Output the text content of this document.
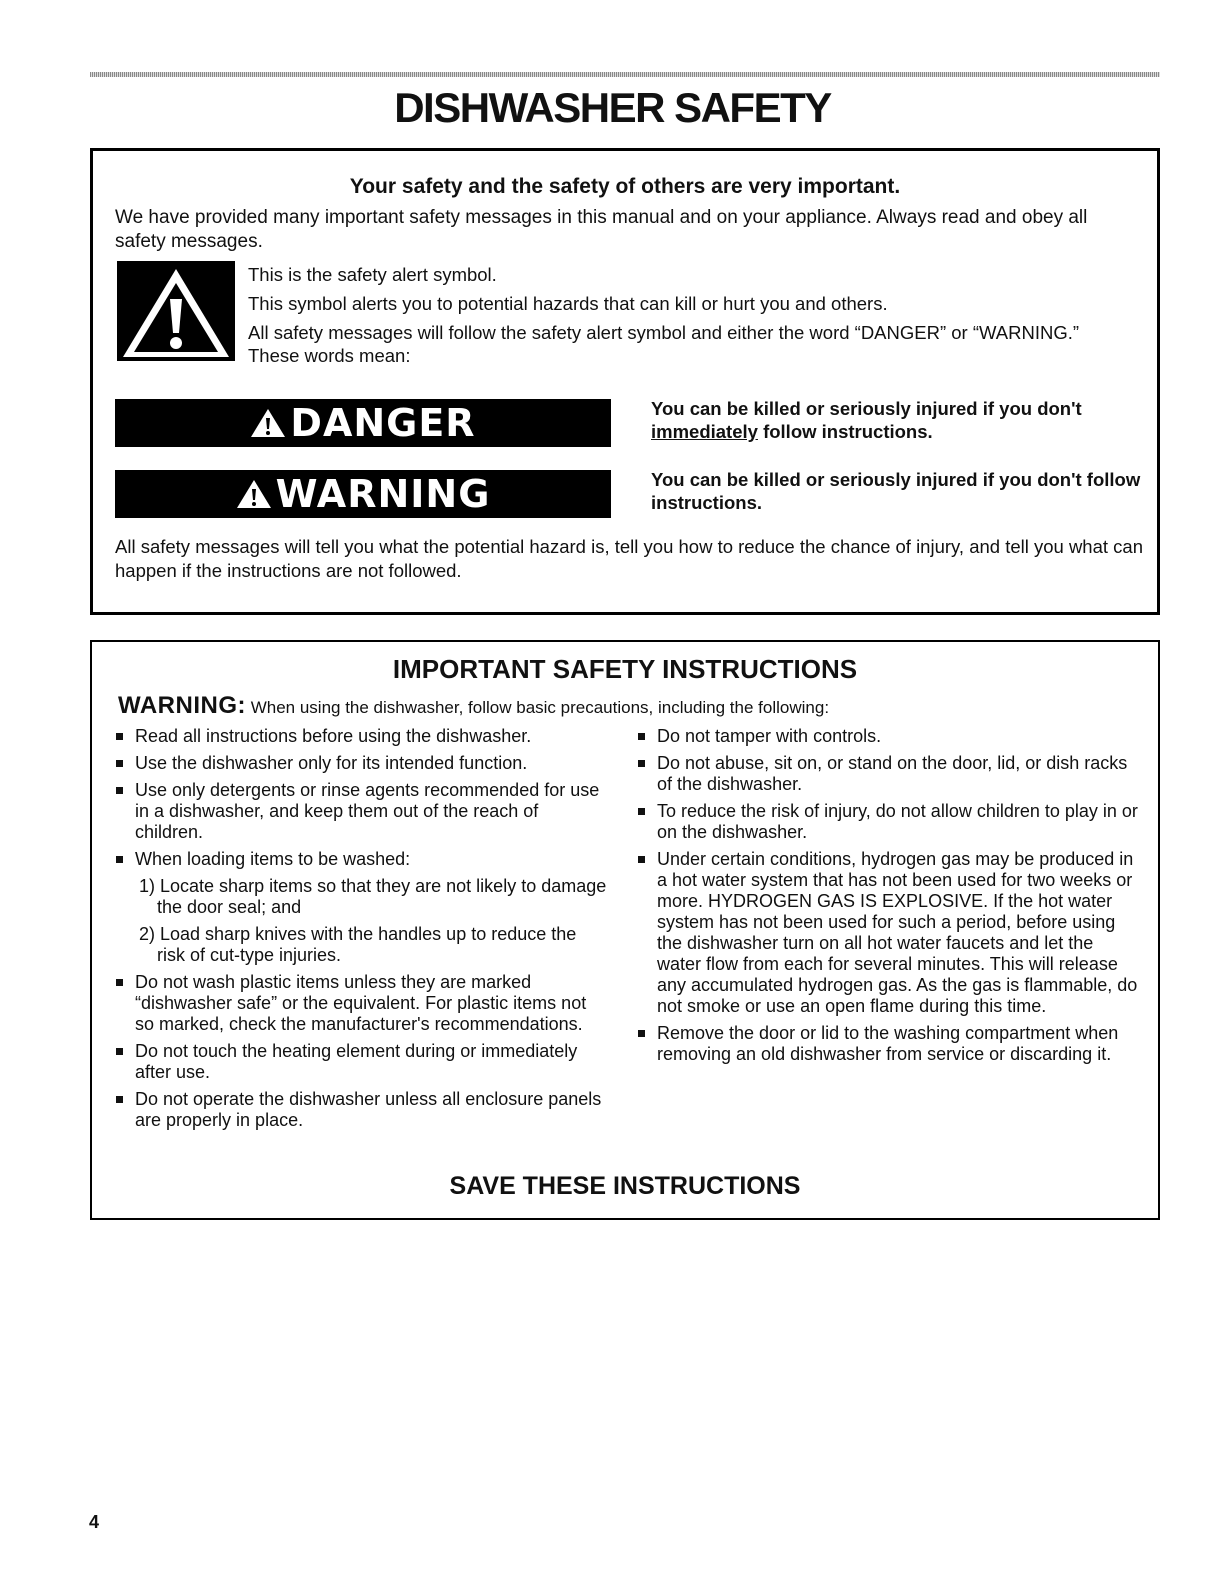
DISHWASHER SAFETY
Your safety and the safety of others are very important.

We have provided many important safety messages in this manual and on your appliance. Always read and obey all safety messages.

This is the safety alert symbol.

This symbol alerts you to potential hazards that can kill or hurt you and others.

All safety messages will follow the safety alert symbol and either the word “DANGER” or “WARNING.” These words mean:

DANGER	You can be killed or seriously injured if you don't immediately follow instructions.
WARNING	You can be killed or seriously injured if you don't follow instructions.

All safety messages will tell you what the potential hazard is, tell you how to reduce the chance of injury, and tell you what can happen if the instructions are not followed.

IMPORTANT SAFETY INSTRUCTIONS
WARNING: When using the dishwasher, follow basic precautions, including the following:
Read all instructions before using the dishwasher.
Use the dishwasher only for its intended function.
Use only detergents or rinse agents recommended for use in a dishwasher, and keep them out of the reach of children.
When loading items to be washed:
1) Locate sharp items so that they are not likely to damage the door seal; and
2) Load sharp knives with the handles up to reduce the risk of cut-type injuries.
Do not wash plastic items unless they are marked “dishwasher safe” or the equivalent. For plastic items not so marked, check the manufacturer's recommendations.
Do not touch the heating element during or immediately after use.
Do not operate the dishwasher unless all enclosure panels are properly in place.
Do not tamper with controls.
Do not abuse, sit on, or stand on the door, lid, or dish racks of the dishwasher.
To reduce the risk of injury, do not allow children to play in or on the dishwasher.
Under certain conditions, hydrogen gas may be produced in a hot water system that has not been used for two weeks or more. HYDROGEN GAS IS EXPLOSIVE. If the hot water system has not been used for such a period, before using the dishwasher turn on all hot water faucets and let the water flow from each for several minutes. This will release any accumulated hydrogen gas. As the gas is flammable, do not smoke or use an open flame during this time.
Remove the door or lid to the washing compartment when removing an old dishwasher from service or discarding it.
SAVE THESE INSTRUCTIONS
4
